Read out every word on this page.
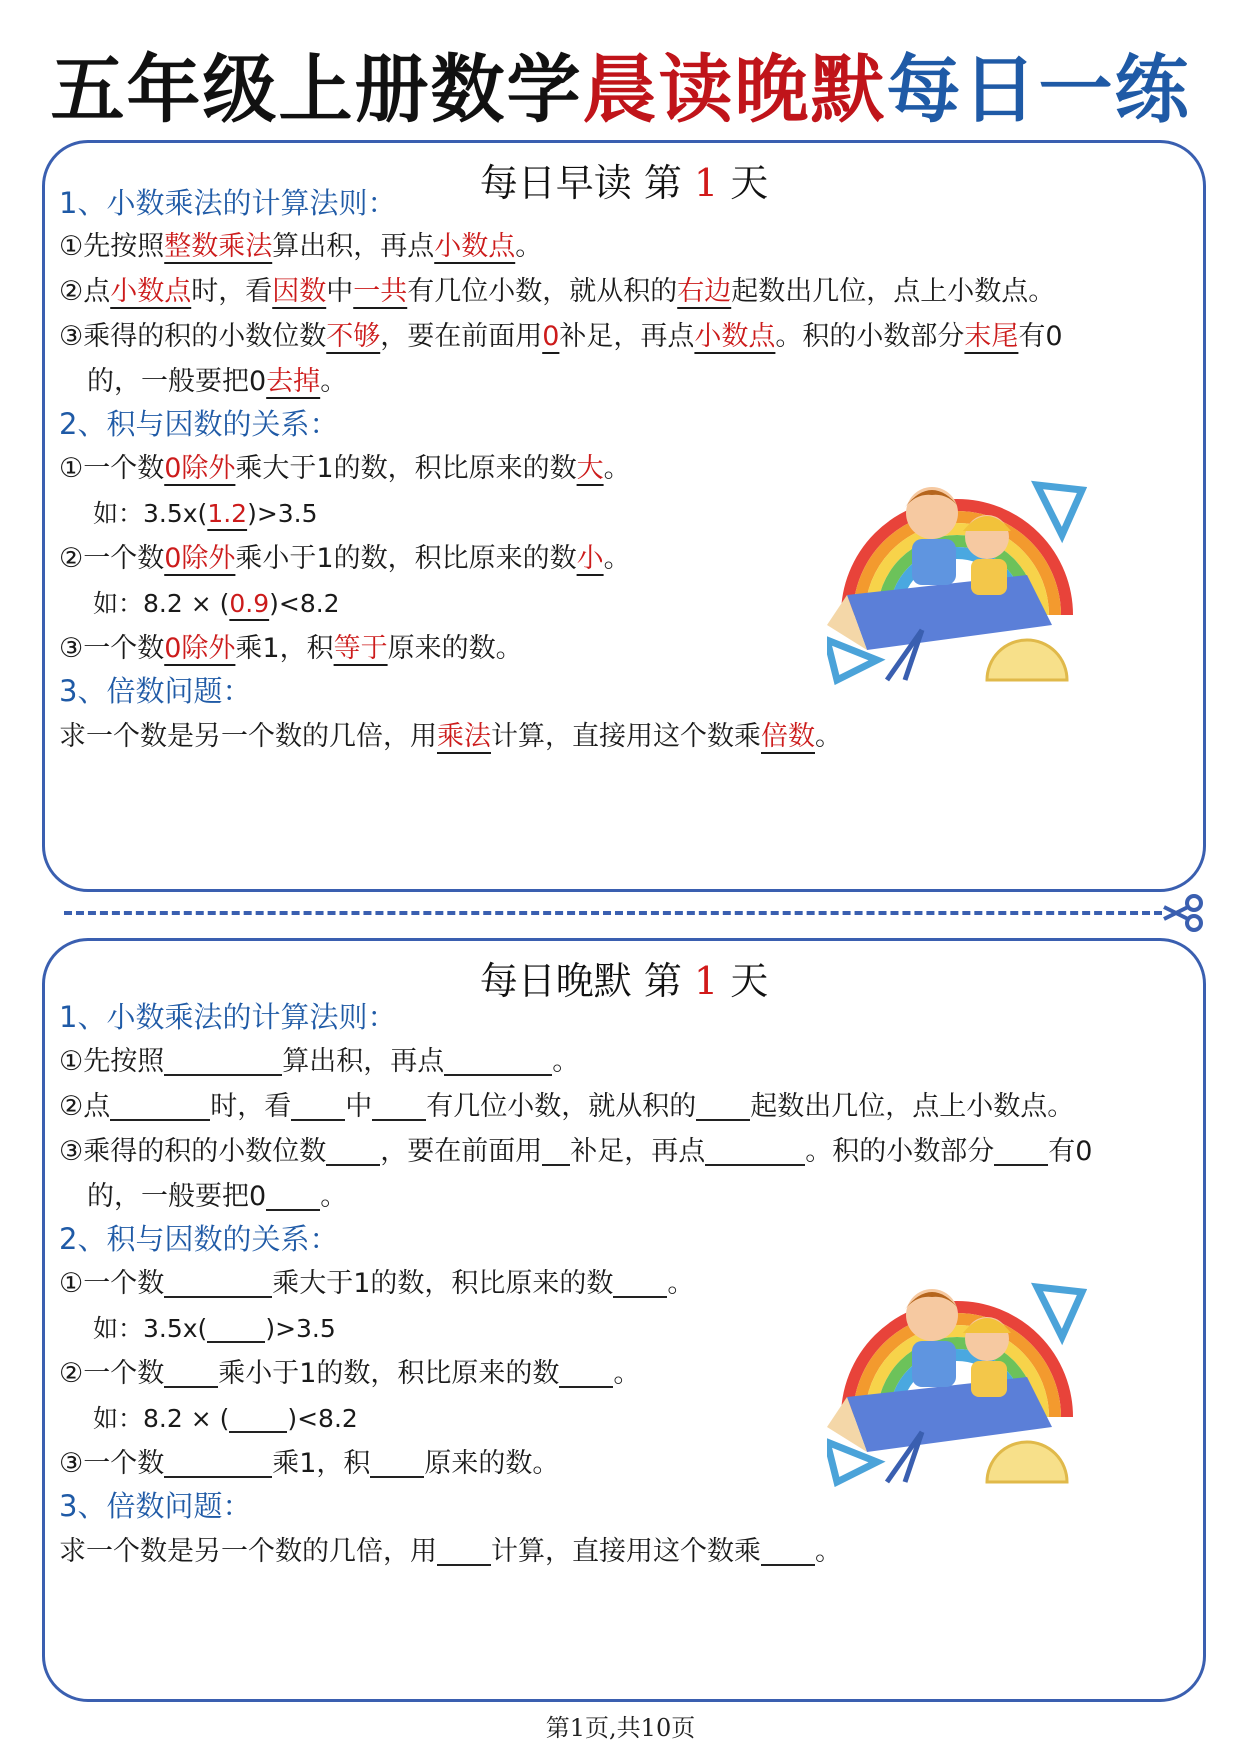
五年级上册数学晨读晚默每日一练
每日早读 第 1 天
1、小数乘法的计算法则：
①先按照整数乘法算出积，再点小数点。
②点小数点时，看因数中一共有几位小数，就从积的右边起数出几位，点上小数点。
③乘得的积的小数位数不够，要在前面用0补足，再点小数点。积的小数部分末尾有0
的，一般要把0去掉。
2、积与因数的关系：
①一个数0除外乘大于1的数，积比原来的数大。
如：3.5x(1.2)>3.5
②一个数0除外乘小于1的数，积比原来的数小。
如：8.2 × (0.9)<8.2
③一个数0除外乘1，积等于原来的数。
3、倍数问题：
求一个数是另一个数的几倍，用乘法计算，直接用这个数乘倍数。
每日晚默 第 1 天
1、小数乘法的计算法则：
①先按照	算出积，再点	。
②点	时，看 中 有几位小数，就从积的 起数出几位，点上小数点。
③乘得的积的小数位数 ，要在前面用 补足，再点	。积的小数部分 有0
的，一般要把0 。
2、积与因数的关系：
①一个数	乘大于1的数，积比原来的数 。
如：3.5x( )>3.5
②一个数 乘小于1的数，积比原来的数 。
如：8.2 × ( )<8.2
③一个数	乘1，积 原来的数。
3、倍数问题：
求一个数是另一个数的几倍，用 计算，直接用这个数乘 。
第1页,共10页
